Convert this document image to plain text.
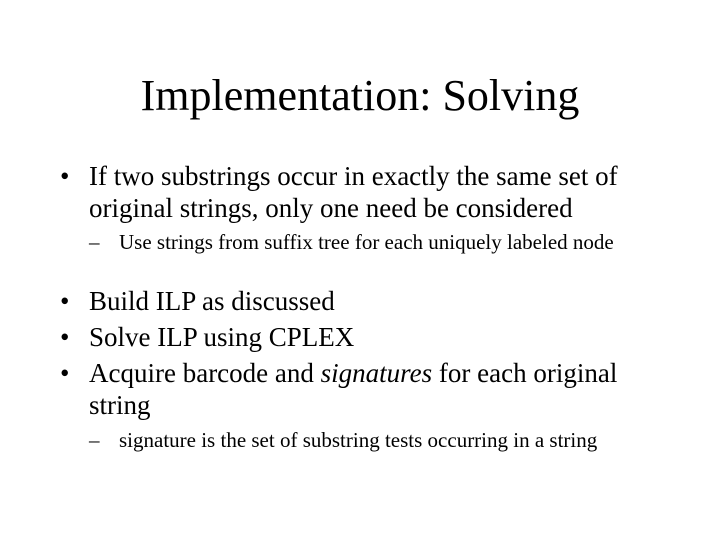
Implementation: Solving
• If two substrings occur in exactly the same set of original strings, only one need be considered
– Use strings from suffix tree for each uniquely labeled node
• Build ILP as discussed
• Solve ILP using CPLEX
• Acquire barcode and signatures for each original string
– signature is the set of substring tests occurring in a string
